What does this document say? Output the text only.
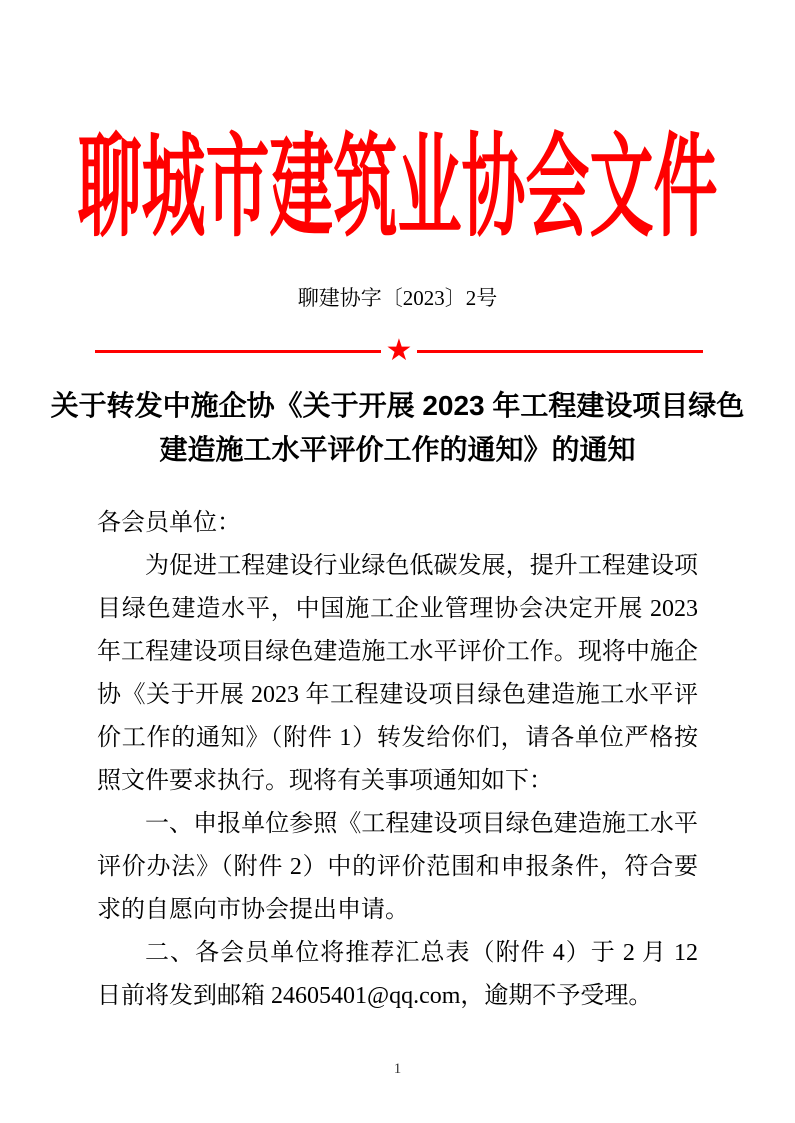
聊城市建筑业协会文件
聊建协字〔2023〕2号
★
关于转发中施企协《关于开展 2023 年工程建设项目绿色
建造施工水平评价工作的通知》的通知

各会员单位：

为促进工程建设行业绿色低碳发展，提升工程建设项目绿色建造水平，中国施工企业管理协会决定开展 2023 年工程建设项目绿色建造施工水平评价工作。现将中施企协《关于开展 2023 年工程建设项目绿色建造施工水平评价工作的通知》（附件 1）转发给你们，请各单位严格按照文件要求执行。现将有关事项通知如下：

一、申报单位参照《工程建设项目绿色建造施工水平评价办法》（附件 2）中的评价范围和申报条件，符合要求的自愿向市协会提出申请。

二、各会员单位将推荐汇总表（附件 4）于 2 月 12 日前将发到邮箱 24605401@qq.com，逾期不予受理。

1
